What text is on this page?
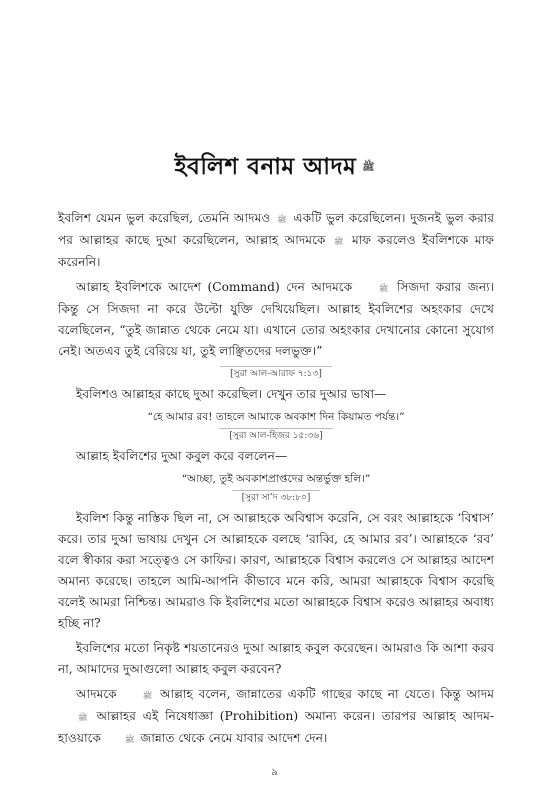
ইবলিশ বনাম আদম ﷺ

ইবলিশ যেমন ভুল করেছিল, তেমনি আদমও ﷺ একটি ভুল করেছিলেন। দুজনই ভুল করার পর আল্লাহর কাছে দুআ করেছিলেন, আল্লাহ আদমকে ﷺ মাফ করলেও ইবলিশকে মাফ করেননি।

আল্লাহ ইবলিশকে আদেশ (Command) দেন আদমকে	ﷺ সিজদা করার জন্য। কিন্তু সে সিজদা না করে উল্টো যুক্তি দেখিয়েছিল। আল্লাহ ইবলিশের অহংকার দেখে বলেছিলেন, “তুই জান্নাত থেকে নেমে যা। এখানে তোর অহংকার দেখানোর কোনো সুযোগ নেই। অতএব তুই বেরিয়ে যা, তুই লাঞ্ছিতদের দলভুক্ত।”

[সুরা আল-আরাফ ৭:১৩]

ইবলিশও আল্লাহর কাছে দুআ করেছিল। দেখুন তার দুআর ভাষা—

“হে আমার রব! তাহলে আমাকে অবকাশ দিন কিয়ামত পর্যন্ত।”
[সুরা আল-হিজর ১৫:৩৬]

আল্লাহ ইবলিশের দুআ কবুল করে বললেন—

“আচ্ছা, তুই অবকাশপ্রাপ্তদের অন্তর্ভুক্ত হলি।”
[সুরা সা’দ ৩৮:৮০]

ইবলিশ কিন্তু নাস্তিক ছিল না, সে আল্লাহকে অবিশ্বাস করেনি, সে বরং আল্লাহকে ‘বিশ্বাস’ করে। তার দুআ ভাষায় দেখুন সে আল্লাহকে বলছে ‘রাব্বি, হে আমার রব’। আল্লাহকে ‘রব’ বলে স্বীকার করা সত্ত্বেও সে কাফির। কারণ, আল্লাহকে বিশ্বাস করলেও সে আল্লাহর আদেশ অমান্য করেছে। তাহলে আমি-আপনি কীভাবে মনে করি, আমরা আল্লাহকে বিশ্বাস করেছি বলেই আমরা নিশ্চিন্ত। আমরাও কি ইবলিশের মতো আল্লাহকে বিশ্বাস করেও আল্লাহর অবাধ্য হচ্ছি না?

ইবলিশের মতো নিকৃষ্ট শয়তানেরও দুআ আল্লাহ কবুল করেছেন। আমরাও কি আশা করব না, আমাদের দুআগুলো আল্লাহ কবুল করবেন?

আদমকে	ﷺ আল্লাহ বলেন, জান্নাতের একটি গাছের কাছে না যেতে। কিন্তু আদম ﷺ আল্লাহর এই নিষেধাজ্ঞা (Prohibition) অমান্য করেন। তারপর আল্লাহ আদম-হাওয়াকে	ﷺ জান্নাত থেকে নেমে যাবার আদেশ দেন।

৯
